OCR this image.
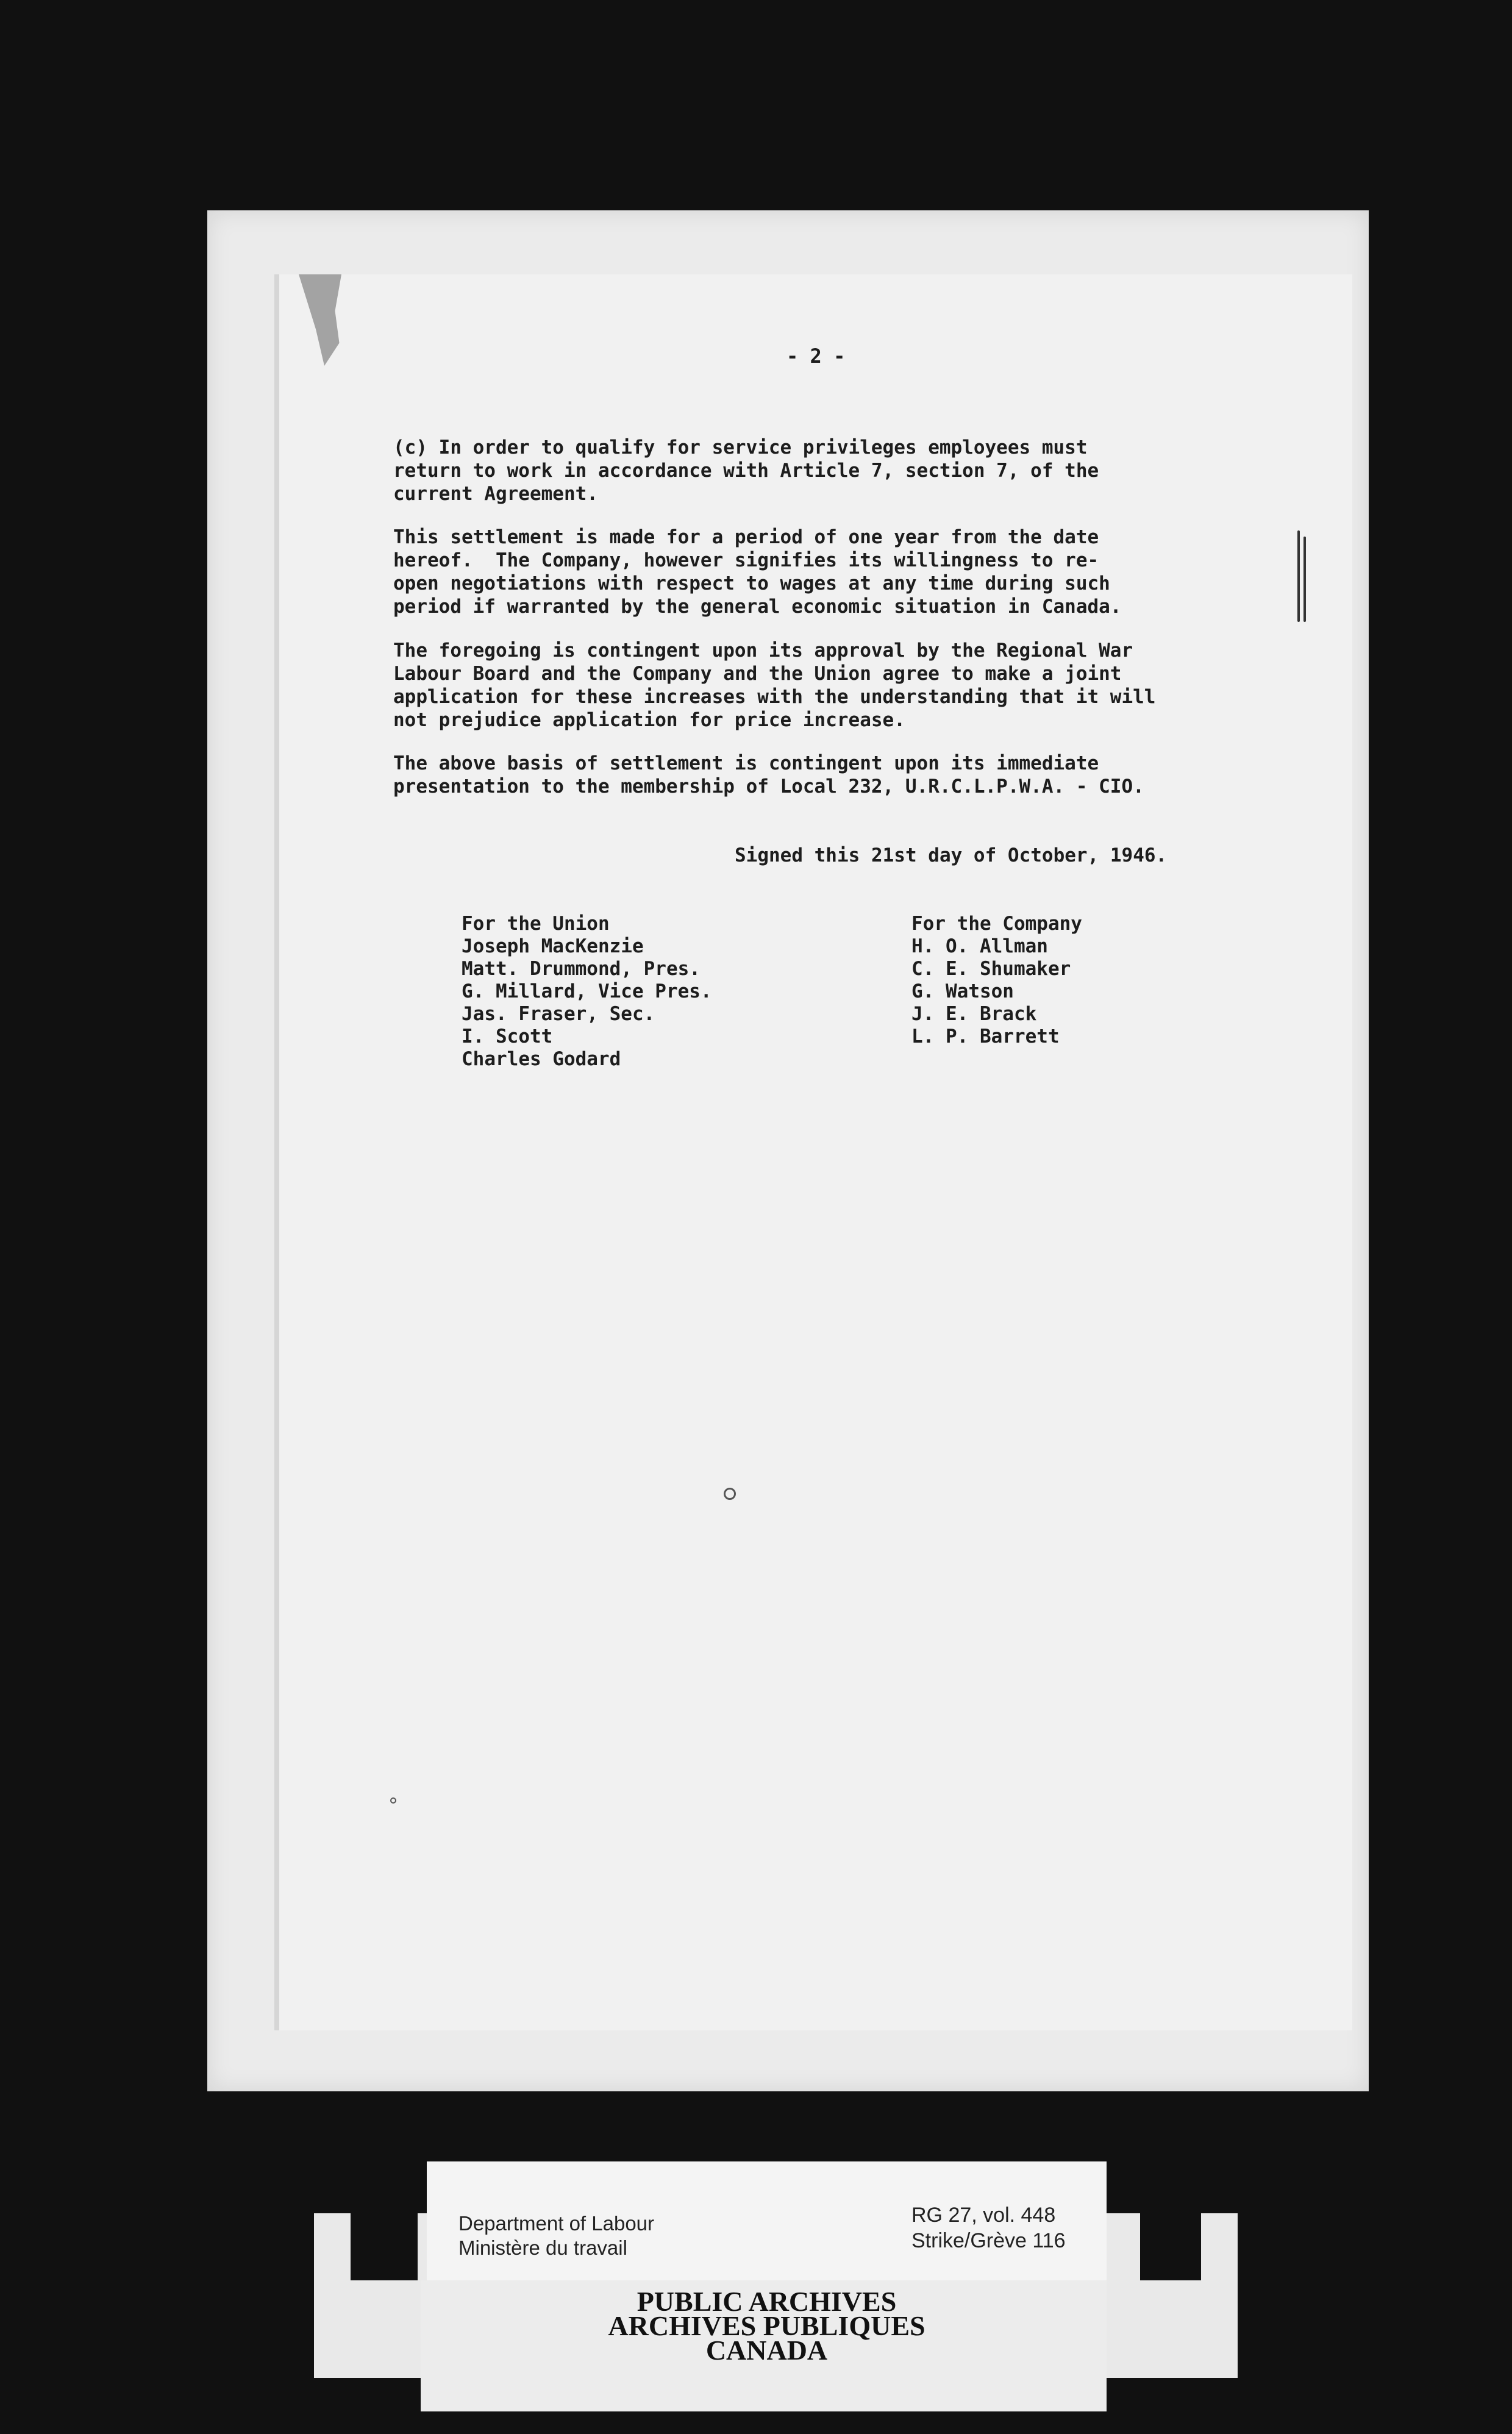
- 2 -
(c) In order to qualify for service privileges employees must
return to work in accordance with Article 7, section 7, of the
current Agreement.
This settlement is made for a period of one year from the date
hereof.  The Company, however signifies its willingness to re-
open negotiations with respect to wages at any time during such
period if warranted by the general economic situation in Canada.
The foregoing is contingent upon its approval by the Regional War
Labour Board and the Company and the Union agree to make a joint
application for these increases with the understanding that it will
not prejudice application for price increase.
The above basis of settlement is contingent upon its immediate
presentation to the membership of Local 232, U.R.C.L.P.W.A. - CIO.
Signed this 21st day of October, 1946.
For the Union
Joseph MacKenzie
Matt. Drummond, Pres.
G. Millard, Vice Pres.
Jas. Fraser, Sec.
I. Scott
Charles Godard
For the Company
H. O. Allman
C. E. Shumaker
G. Watson
J. E. Brack
L. P. Barrett
Department of Labour
Ministère du travail
RG 27, vol. 448
Strike/Grève 116
PUBLIC ARCHIVES
ARCHIVES PUBLIQUES
CANADA
